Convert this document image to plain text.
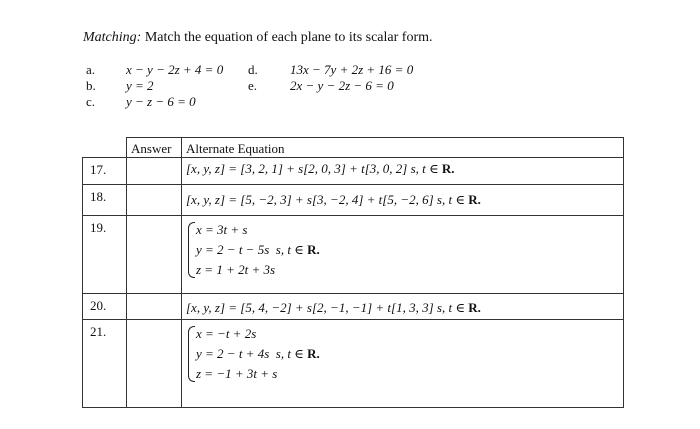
Matching: Match the equation of each plane to its scalar form.
a. x − y − 2z + 4 = 0
b. y = 2
c. y − z − 6 = 0
d. 13x − 7y + 2z + 16 = 0
e.	2x − y − 2z − 6 = 0
	Answer	Alternate Equation
17.		[x, y, z] = [3, 2, 1] + s[2, 0, 3] + t[3, 0, 2] s, t ∈ R.
18.		[x, y, z] = [5, −2, 3] + s[3, −2, 4] + t[5, −2, 6] s, t ∈ R.
19.		x = 3t + s
y = 2 − t − 5s s, t ∈ R.
z = 1 + 2t + 3s

20.		[x, y, z] = [5, 4, −2] + s[2, −1, −1] + t[1, 3, 3] s, t ∈ R.
21.		x = −t + 2s
y = 2 − t + 4s s, t ∈ R.
z = −1 + 3t + s
